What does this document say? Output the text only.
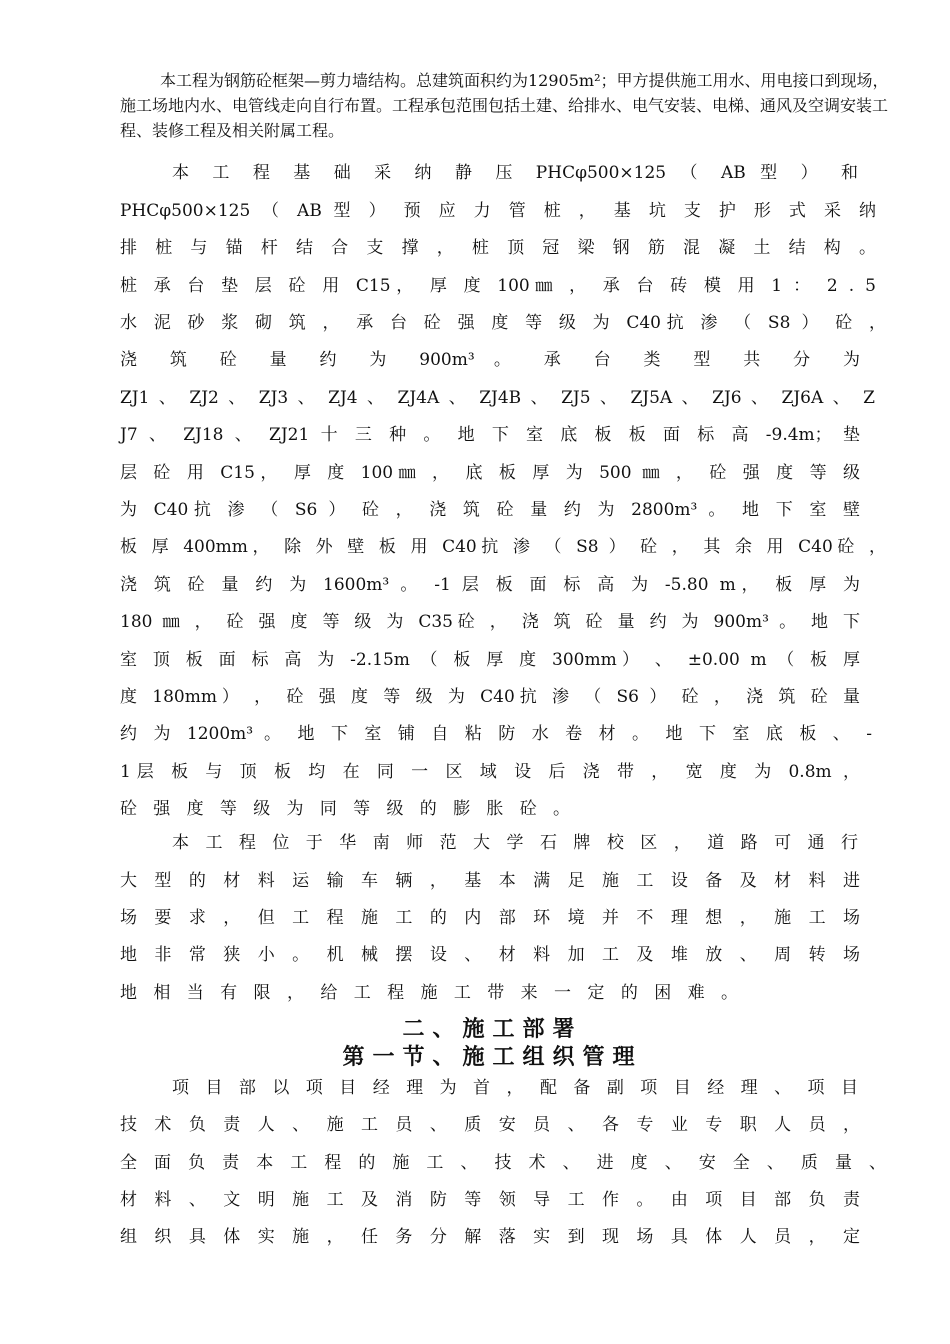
本工程为钢筋砼框架—剪力墙结构。总建筑面积约为12905m²；甲方提供施工用水、用电接口到现场，施工场地内水、电管线走向自行布置。工程承包范围包括土建、给排水、电气安装、电梯、通风及空调安装工程、装修工程及相关附属工程。
本 工 程 基 础 采 纳 静 压 PHCφ500×125 （ AB 型 ） 和
PHCφ500×125 （ AB 型 ） 预 应 力 管 桩 ， 基 坑 支 护 形 式 采 纳
排 桩 与 锚 杆 结 合 支 撑 ， 桩 顶 冠 梁 钢 筋 混 凝 土 结 构 。
桩 承 台 垫 层 砼 用 C15， 厚 度 100㎜ ， 承 台 砖 模 用 1 ： 2 . 5
水 泥 砂 浆 砌 筑 ， 承 台 砼 强 度 等 级 为 C40抗 渗 （ S8 ） 砼 ，
浇 筑 砼 量 约 为 900m³ 。 承 台 类 型 共 分 为
ZJ1 、 ZJ2 、 ZJ3 、 ZJ4 、 ZJ4A 、 ZJ4B 、 ZJ5 、 ZJ5A 、 ZJ6 、 ZJ6A 、 Z
J7 、 ZJ18 、 ZJ21 十 三 种 。 地 下 室 底 板 板 面 标 高 -9.4m； 垫
层 砼 用 C15， 厚 度 100㎜ ， 底 板 厚 为 500 ㎜ ， 砼 强 度 等 级
为 C40抗 渗 （ S6 ） 砼 ， 浇 筑 砼 量 约 为 2800m³ 。 地 下 室 壁
板 厚 400mm， 除 外 壁 板 用 C40抗 渗 （ S8 ） 砼 ， 其 余 用 C40砼 ，
浇 筑 砼 量 约 为 1600m³ 。 -1 层 板 面 标 高 为 -5.80 m， 板 厚 为
180 ㎜ ， 砼 强 度 等 级 为 C35砼 ， 浇 筑 砼 量 约 为 900m³ 。 地 下
室 顶 板 面 标 高 为 -2.15m （ 板 厚 度 300mm） 、 ±0.00 m （ 板 厚
度 180mm） ， 砼 强 度 等 级 为 C40抗 渗 （ S6 ） 砼 ， 浇 筑 砼 量
约 为 1200m³ 。 地 下 室 铺 自 粘 防 水 卷 材 。 地 下 室 底 板 、 -
1层 板 与 顶 板 均 在 同 一 区 域 设 后 浇 带 ， 宽 度 为 0.8m ，
砼 强 度 等 级 为 同 等 级 的 膨 胀 砼 。
本 工 程 位 于 华 南 师 范 大 学 石 牌 校 区 ， 道 路 可 通 行
大 型 的 材 料 运 输 车 辆 ， 基 本 满 足 施 工 设 备 及 材 料 进
场 要 求 ， 但 工 程 施 工 的 内 部 环 境 并 不 理 想 ， 施 工 场
地 非 常 狭 小 。 机 械 摆 设 、 材 料 加 工 及 堆 放 、 周 转 场
地 相 当 有 限 ， 给 工 程 施 工 带 来 一 定 的 困 难 。
二、施工部署
第一节、施工组织管理
项 目 部 以 项 目 经 理 为 首 ， 配 备 副 项 目 经 理 、 项 目
技 术 负 责 人 、 施 工 员 、 质 安 员 、 各 专 业 专 职 人 员 ，
全 面 负 责 本 工 程 的 施 工 、 技 术 、 进 度 、 安 全 、 质 量 、
材 料 、 文 明 施 工 及 消 防 等 领 导 工 作 。 由 项 目 部 负 责
组 织 具 体 实 施 ， 任 务 分 解 落 实 到 现 场 具 体 人 员 ， 定
